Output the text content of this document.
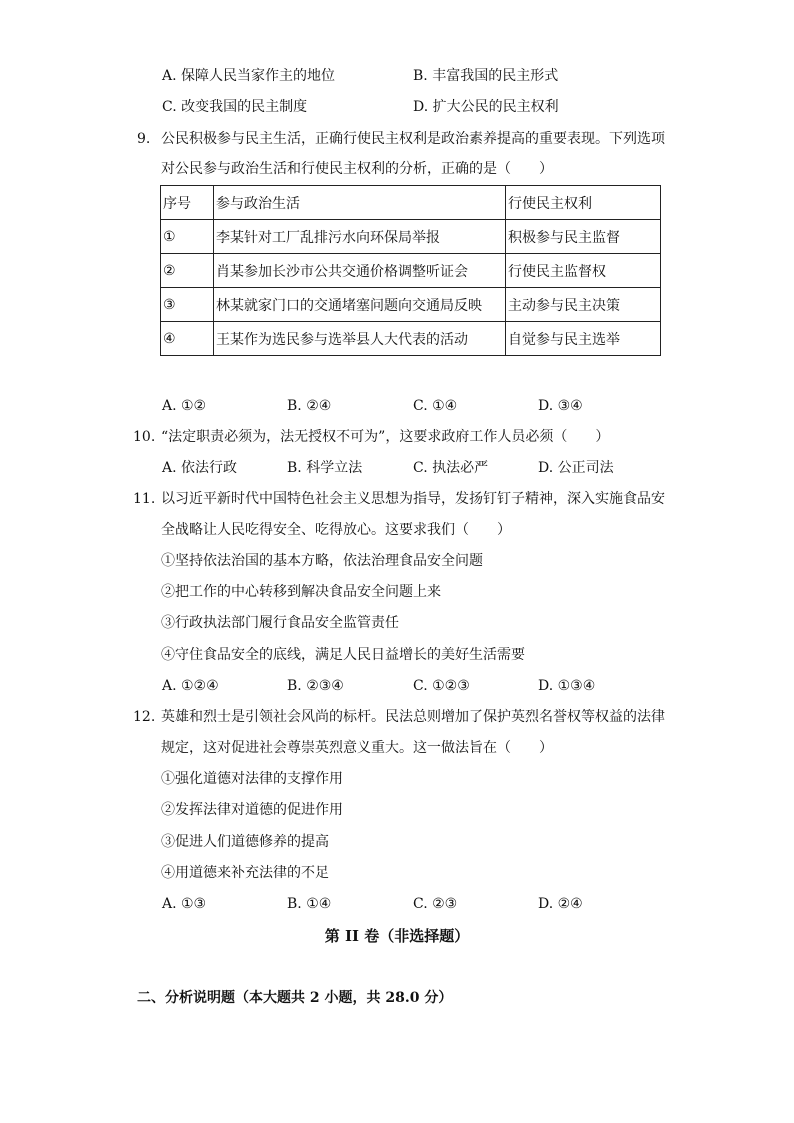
A. 保障人民当家作主的地位	B. 丰富我国的民主形式
C. 改变我国的民主制度	D. 扩大公民的民主权利
9. 公民积极参与民主生活，正确行使民主权利是政治素养提高的重要表现。下列选项
对公民参与政治生活和行使民主权利的分析，正确的是（　　）
序号	参与政治生活	行使民主权利
①	李某针对工厂乱排污水向环保局举报	积极参与民主监督
②	肖某参加长沙市公共交通价格调整听证会	行使民主监督权
③	林某就家门口的交通堵塞问题向交通局反映	主动参与民主决策
④	王某作为选民参与选举县人大代表的活动	自觉参与民主选举
A. ①②	B. ②④	C. ①④	D. ③④
10. “法定职责必须为，法无授权不可为”，这要求政府工作人员必须（　　）
A. 依法行政	B. 科学立法	C. 执法必严	D. 公正司法
11. 以习近平新时代中国特色社会主义思想为指导，发扬钉钉子精神，深入实施食品安
全战略让人民吃得安全、吃得放心。这要求我们（　　）
①坚持依法治国的基本方略，依法治理食品安全问题
②把工作的中心转移到解决食品安全问题上来
③行政执法部门履行食品安全监管责任
④守住食品安全的底线，满足人民日益增长的美好生活需要
A. ①②④	B. ②③④	C. ①②③	D. ①③④
12. 英雄和烈士是引领社会风尚的标杆。民法总则增加了保护英烈名誉权等权益的法律
规定，这对促进社会尊崇英烈意义重大。这一做法旨在（　　）
①强化道德对法律的支撑作用
②发挥法律对道德的促进作用
③促进人们道德修养的提高
④用道德来补充法律的不足
A. ①③	B. ①④	C. ②③	D. ②④
第 II 卷（非选择题）
二、分析说明题（本大题共 2 小题，共 28.0 分）
